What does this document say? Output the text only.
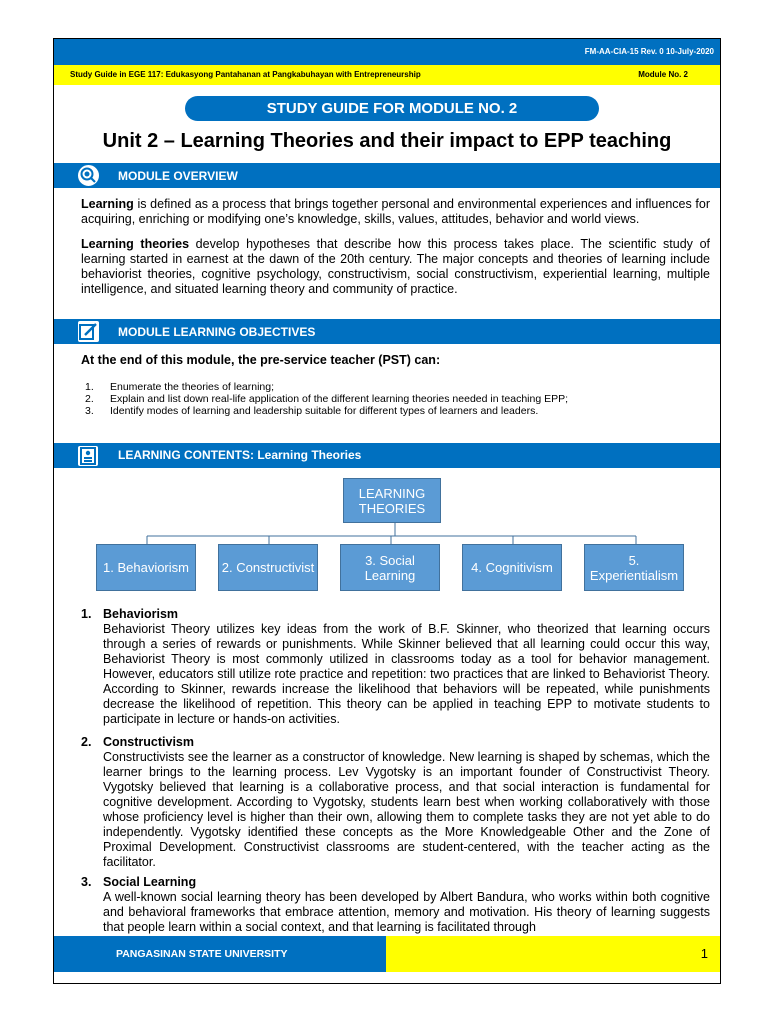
FM-AA-CIA-15 Rev. 0 10-July-2020
Study Guide in EGE 117: Edukasyong Pantahanan at Pangkabuhayan with Entrepreneurship	Module No. 2
STUDY GUIDE FOR MODULE NO. 2
Unit 2 – Learning Theories and their impact to EPP teaching
MODULE OVERVIEW
Learning is defined as a process that brings together personal and environmental experiences and influences for acquiring, enriching or modifying one’s knowledge, skills, values, attitudes, behavior and world views.
Learning theories develop hypotheses that describe how this process takes place. The scientific study of learning started in earnest at the dawn of the 20th century. The major concepts and theories of learning include behaviorist theories, cognitive psychology, constructivism, social constructivism, experiential learning, multiple intelligence, and situated learning theory and community of practice.
MODULE LEARNING OBJECTIVES
At the end of this module, the pre-service teacher (PST) can:
1. Enumerate the theories of learning;
2. Explain and list down real-life application of the different learning theories needed in teaching EPP;
3. Identify modes of learning and leadership suitable for different types of learners and leaders.
LEARNING CONTENTS: Learning Theories
LEARNING THEORIES
1. Behaviorism	2. Constructivist	3. Social Learning	4. Cognitivism	5. Experientialism
1. Behaviorism
Behaviorist Theory utilizes key ideas from the work of B.F. Skinner, who theorized that learning occurs through a series of rewards or punishments. While Skinner believed that all learning could occur this way, Behaviorist Theory is most commonly utilized in classrooms today as a tool for behavior management. However, educators still utilize rote practice and repetition: two practices that are linked to Behaviorist Theory. According to Skinner, rewards increase the likelihood that behaviors will be repeated, while punishments decrease the likelihood of repetition. This theory can be applied in teaching EPP to motivate students to participate in lecture or hands-on activities.
2. Constructivism
Constructivists see the learner as a constructor of knowledge. New learning is shaped by schemas, which the learner brings to the learning process. Lev Vygotsky is an important founder of Constructivist Theory. Vygotsky believed that learning is a collaborative process, and that social interaction is fundamental for cognitive development. According to Vygotsky, students learn best when working collaboratively with those whose proficiency level is higher than their own, allowing them to complete tasks they are not yet able to do independently. Vygotsky identified these concepts as the More Knowledgeable Other and the Zone of Proximal Development. Constructivist classrooms are student-centered, with the teacher acting as the facilitator.
3. Social Learning
A well-known social learning theory has been developed by Albert Bandura, who works within both cognitive and behavioral frameworks that embrace attention, memory and motivation. His theory of learning suggests that people learn within a social context, and that learning is facilitated through
PANGASINAN STATE UNIVERSITY	1
